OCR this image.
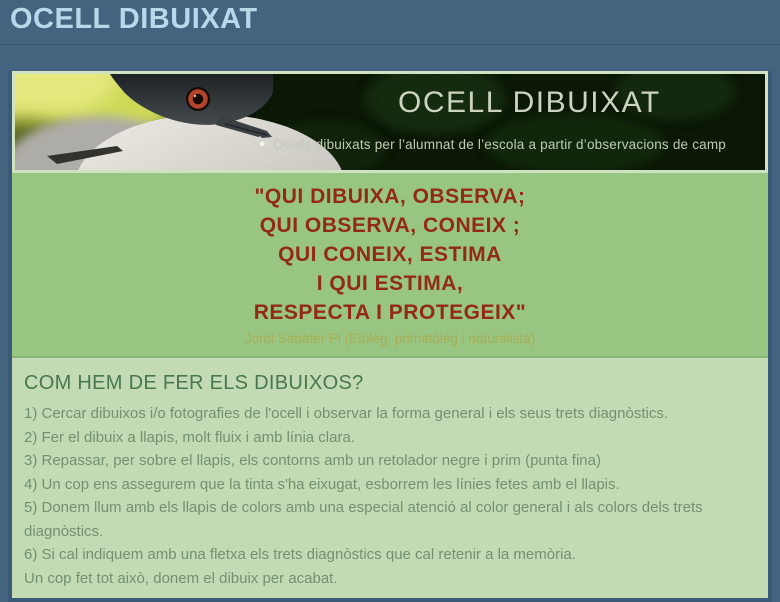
OCELL DIBUIXAT
OCELL DIBUIXAT
Ocells dibuixats per l’alumnat de l’escola a partir d’observacions de camp
"QUI DIBUIXA, OBSERVA;
QUI OBSERVA, CONEIX ;
QUI CONEIX, ESTIMA
I QUI ESTIMA,
RESPECTA I PROTEGEIX"
Jordi Sabater Pi (Etòleg, primatòleg i naturalista)
COM HEM DE FER ELS DIBUIXOS?
1) Cercar dibuixos i/o fotografies de l'ocell i observar la forma general i els seus trets diagnòstics.
2) Fer el dibuix a llapis, molt fluix i amb línia clara.
3) Repassar, per sobre el llapis, els contorns amb un retolador negre i prim (punta fina)
4) Un cop ens assegurem que la tinta s'ha eixugat, esborrem les línies fetes amb el llapis.
5) Donem llum amb els llapis de colors amb una especial atenció al color general i als colors dels trets diagnòstics.
6) Si cal indiquem amb una fletxa els trets diagnòstics que cal retenir a la memòria.
Un cop fet tot això, donem el dibuix per acabat.
